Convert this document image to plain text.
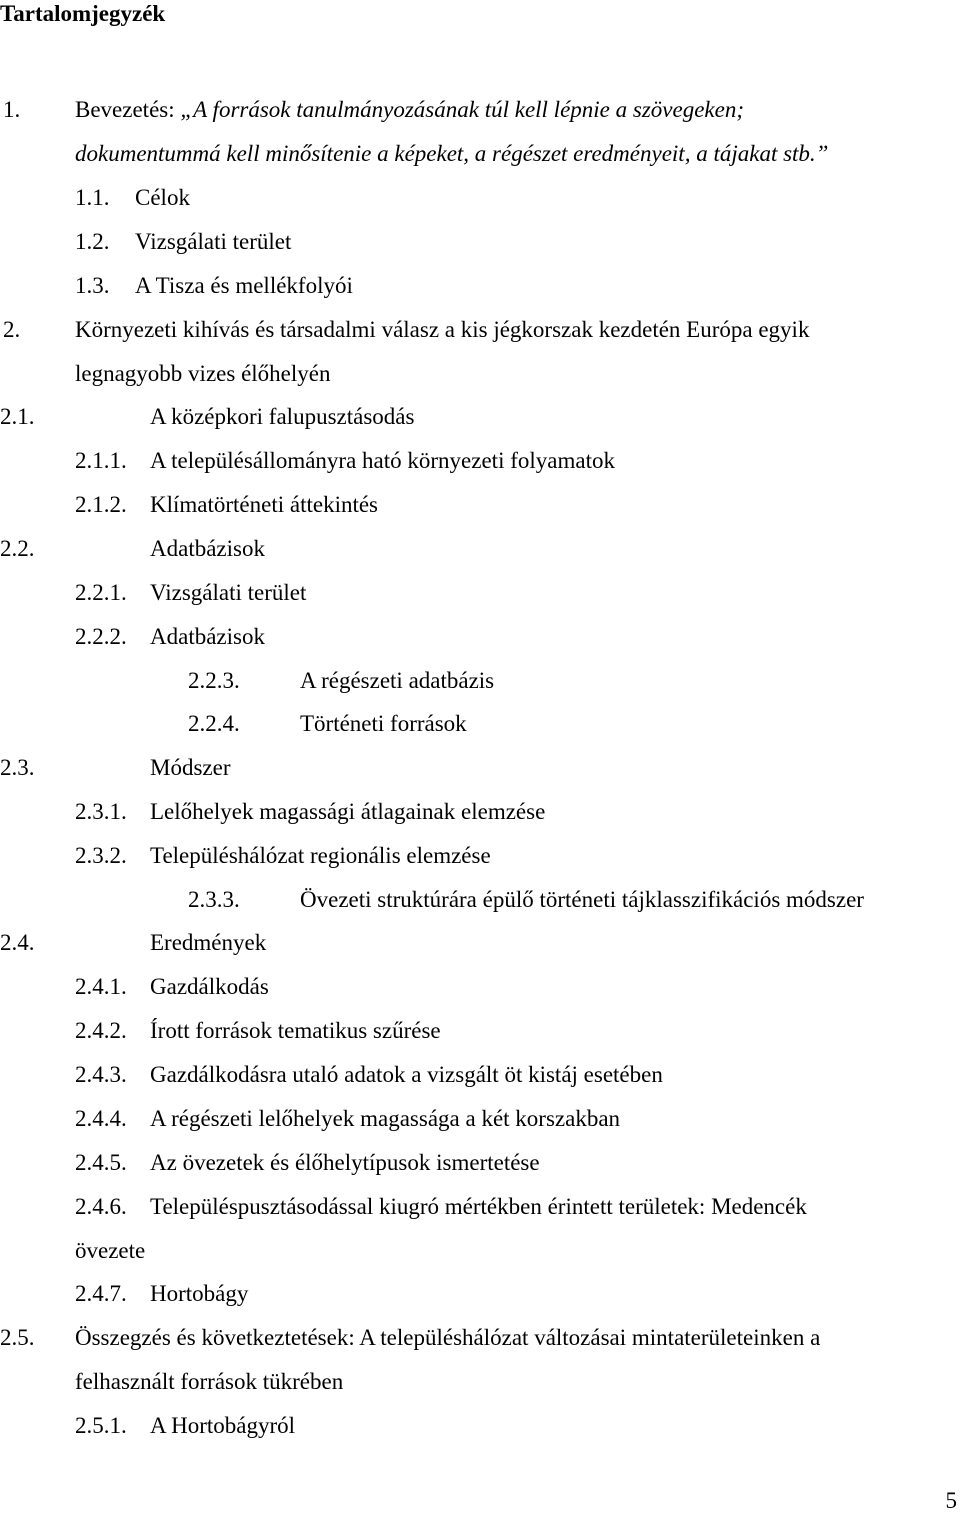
Tartalomjegyzék
1. Bevezetés: „A források tanulmányozásának túl kell lépnie a szövegeken;
dokumentummá kell minősítenie a képeket, a régészet eredményeit, a tájakat stb.”
1.1. Célok
1.2. Vizsgálati terület
1.3. A Tisza és mellékfolyói
2. Környezeti kihívás és társadalmi válasz a kis jégkorszak kezdetén Európa egyik
legnagyobb vizes élőhelyén
2.1.	A középkori falupusztásodás
2.1.1. A településállományra ható környezeti folyamatok
2.1.2. Klímatörténeti áttekintés
2.2.	Adatbázisok
2.2.1. Vizsgálati terület
2.2.2. Adatbázisok
2.2.3.	A régészeti adatbázis
2.2.4.	Történeti források
2.3.	Módszer
2.3.1. Lelőhelyek magassági átlagainak elemzése
2.3.2. Településhálózat regionális elemzése
2.3.3.	Övezeti struktúrára épülő történeti tájklasszifikációs módszer
2.4.	Eredmények
2.4.1. Gazdálkodás
2.4.2. Írott források tematikus szűrése
2.4.3. Gazdálkodásra utaló adatok a vizsgált öt kistáj esetében
2.4.4. A régészeti lelőhelyek magassága a két korszakban
2.4.5. Az övezetek és élőhelytípusok ismertetése
2.4.6. Településpusztásodással kiugró mértékben érintett területek: Medencék
övezete
2.4.7. Hortobágy
2.5. Összegzés és következtetések: A településhálózat változásai mintaterületeinken a
felhasznált források tükrében
2.5.1. A Hortobágyról
5
